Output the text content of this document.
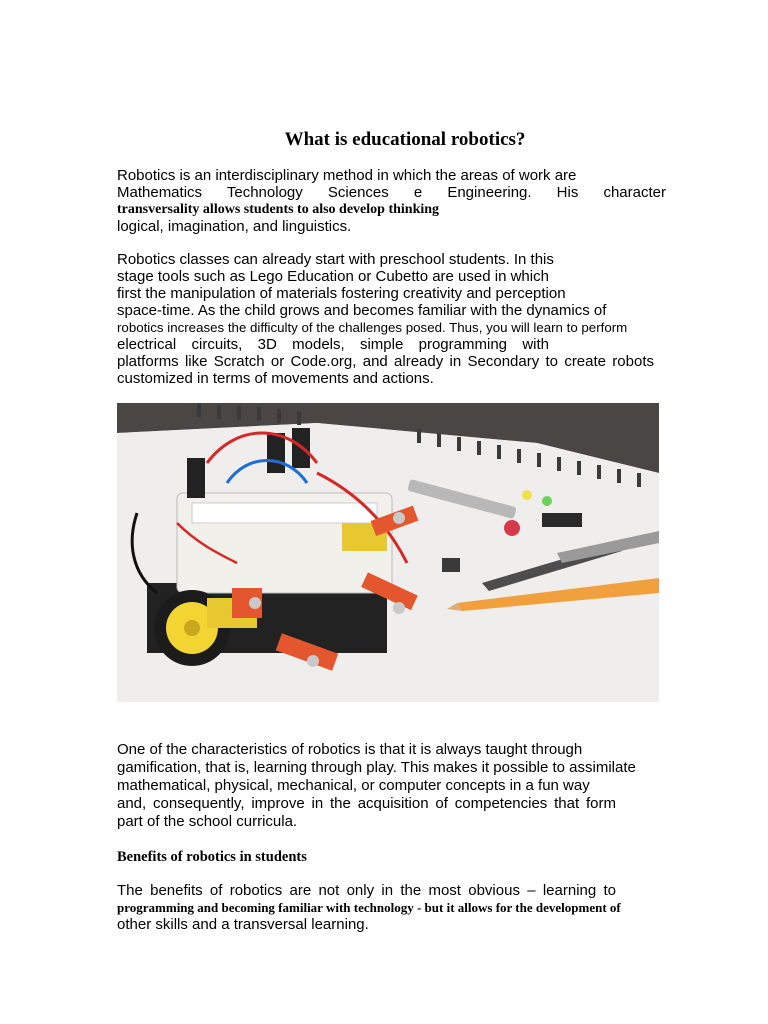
What is educational robotics?
Robotics is an interdisciplinary method in which the areas of work are
Mathematics Technology Sciences e Engineering. His character
transversality allows students to also develop thinking
logical, imagination, and linguistics.
Robotics classes can already start with preschool students. In this
stage tools such as Lego Education or Cubetto are used in which
first the manipulation of materials fostering creativity and perception
space-time. As the child grows and becomes familiar with the dynamics of
robotics increases the difficulty of the challenges posed. Thus, you will learn to perform
electrical circuits, 3D models, simple programming with
platforms like Scratch or Code.org, and already in Secondary to create robots
customized in terms of movements and actions.
One of the characteristics of robotics is that it is always taught through
gamification, that is, learning through play. This makes it possible to assimilate
mathematical, physical, mechanical, or computer concepts in a fun way
and, consequently, improve in the acquisition of competencies that form
part of the school curricula.
Benefits of robotics in students
The benefits of robotics are not only in the most obvious – learning to
programming and becoming familiar with technology - but it allows for the development of
other skills and a transversal learning.
